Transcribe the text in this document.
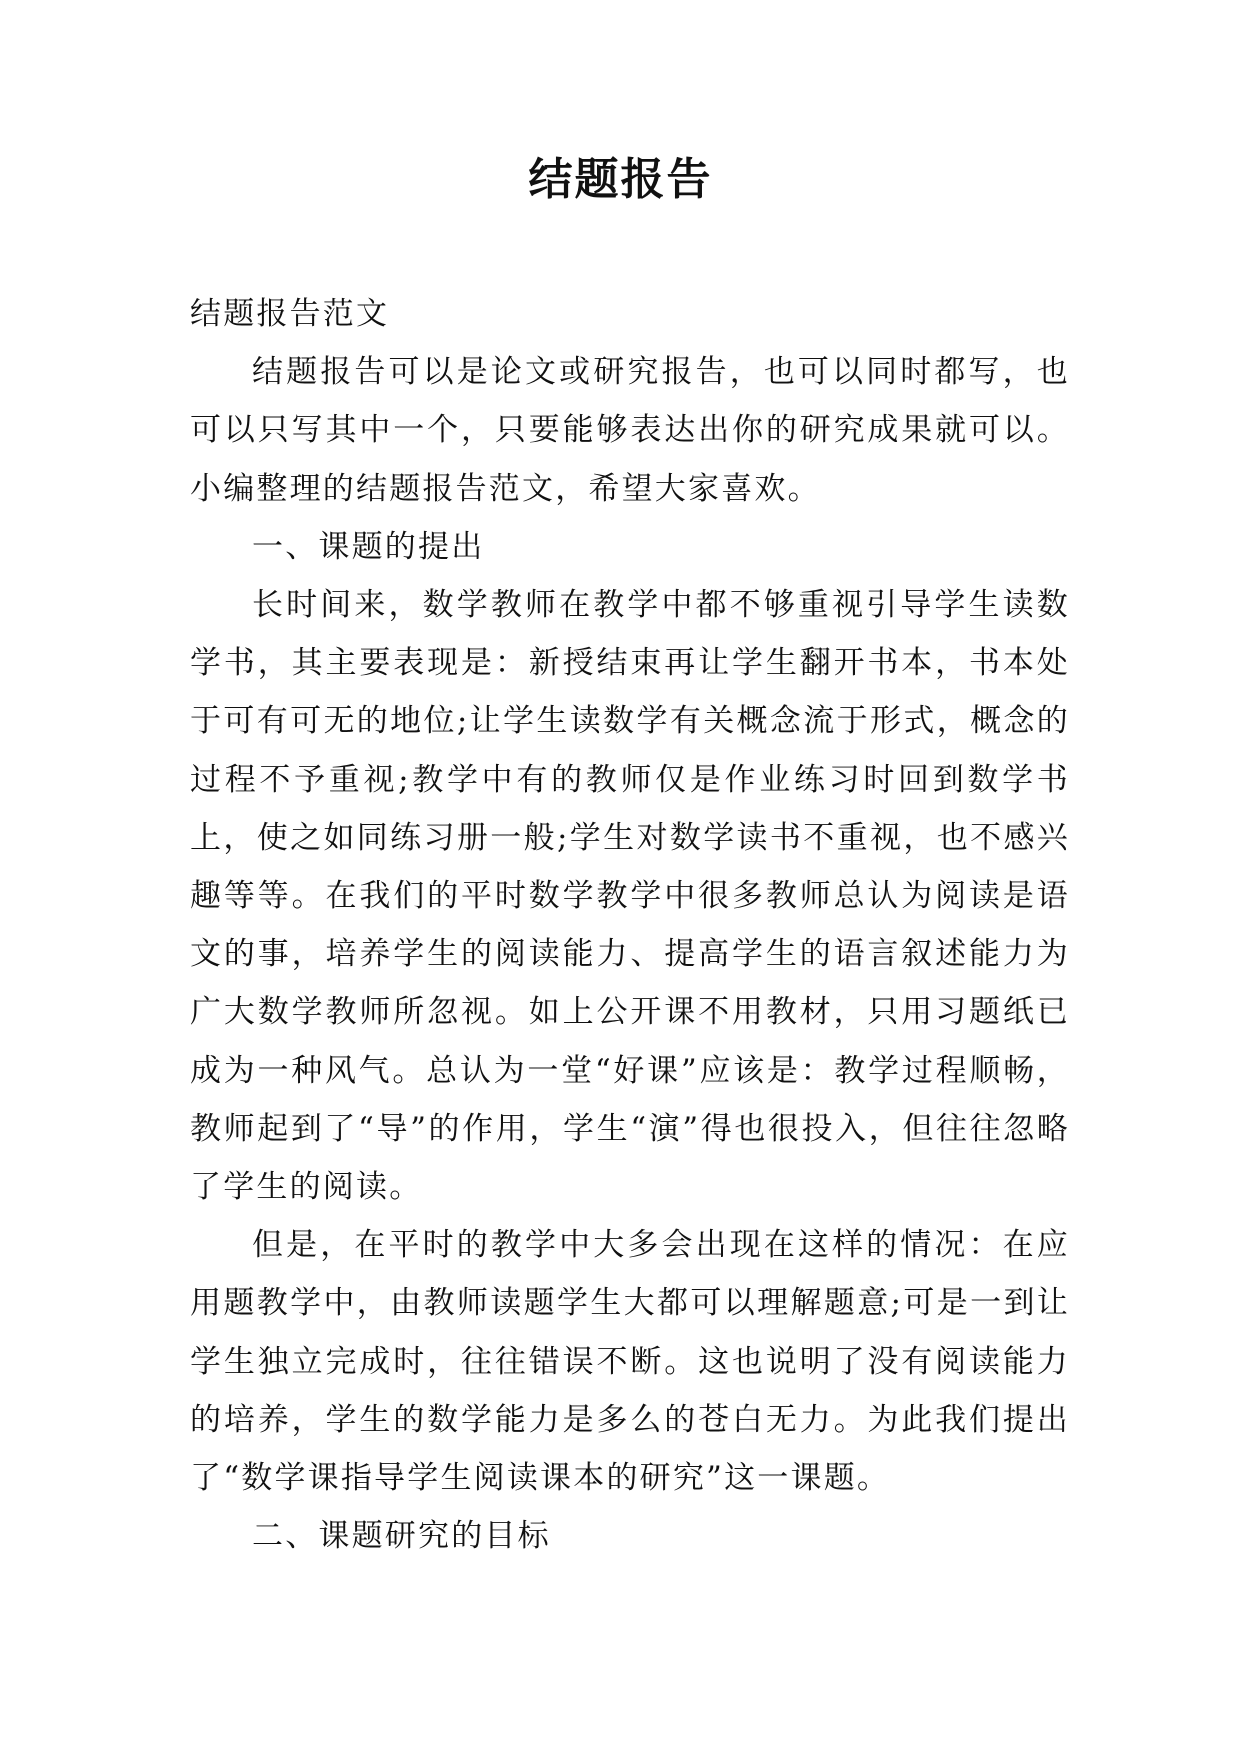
结题报告

结题报告范文

结题报告可以是论文或研究报告，也可以同时都写，也可以只写其中一个，只要能够表达出你的研究成果就可以。小编整理的结题报告范文，希望大家喜欢。

一、课题的提出

长时间来，数学教师在教学中都不够重视引导学生读数学书，其主要表现是：新授结束再让学生翻开书本，书本处于可有可无的地位;让学生读数学有关概念流于形式，概念的过程不予重视;教学中有的教师仅是作业练习时回到数学书上，使之如同练习册一般;学生对数学读书不重视，也不感兴趣等等。在我们的平时数学教学中很多教师总认为阅读是语文的事，培养学生的阅读能力、提高学生的语言叙述能力为广大数学教师所忽视。如上公开课不用教材，只用习题纸已成为一种风气。总认为一堂“好课”应该是：教学过程顺畅，教师起到了“导”的作用，学生“演”得也很投入，但往往忽略了学生的阅读。

但是，在平时的教学中大多会出现在这样的情况：在应用题教学中，由教师读题学生大都可以理解题意;可是一到让学生独立完成时，往往错误不断。这也说明了没有阅读能力的培养，学生的数学能力是多么的苍白无力。为此我们提出了“数学课指导学生阅读课本的研究”这一课题。

二、课题研究的目标
